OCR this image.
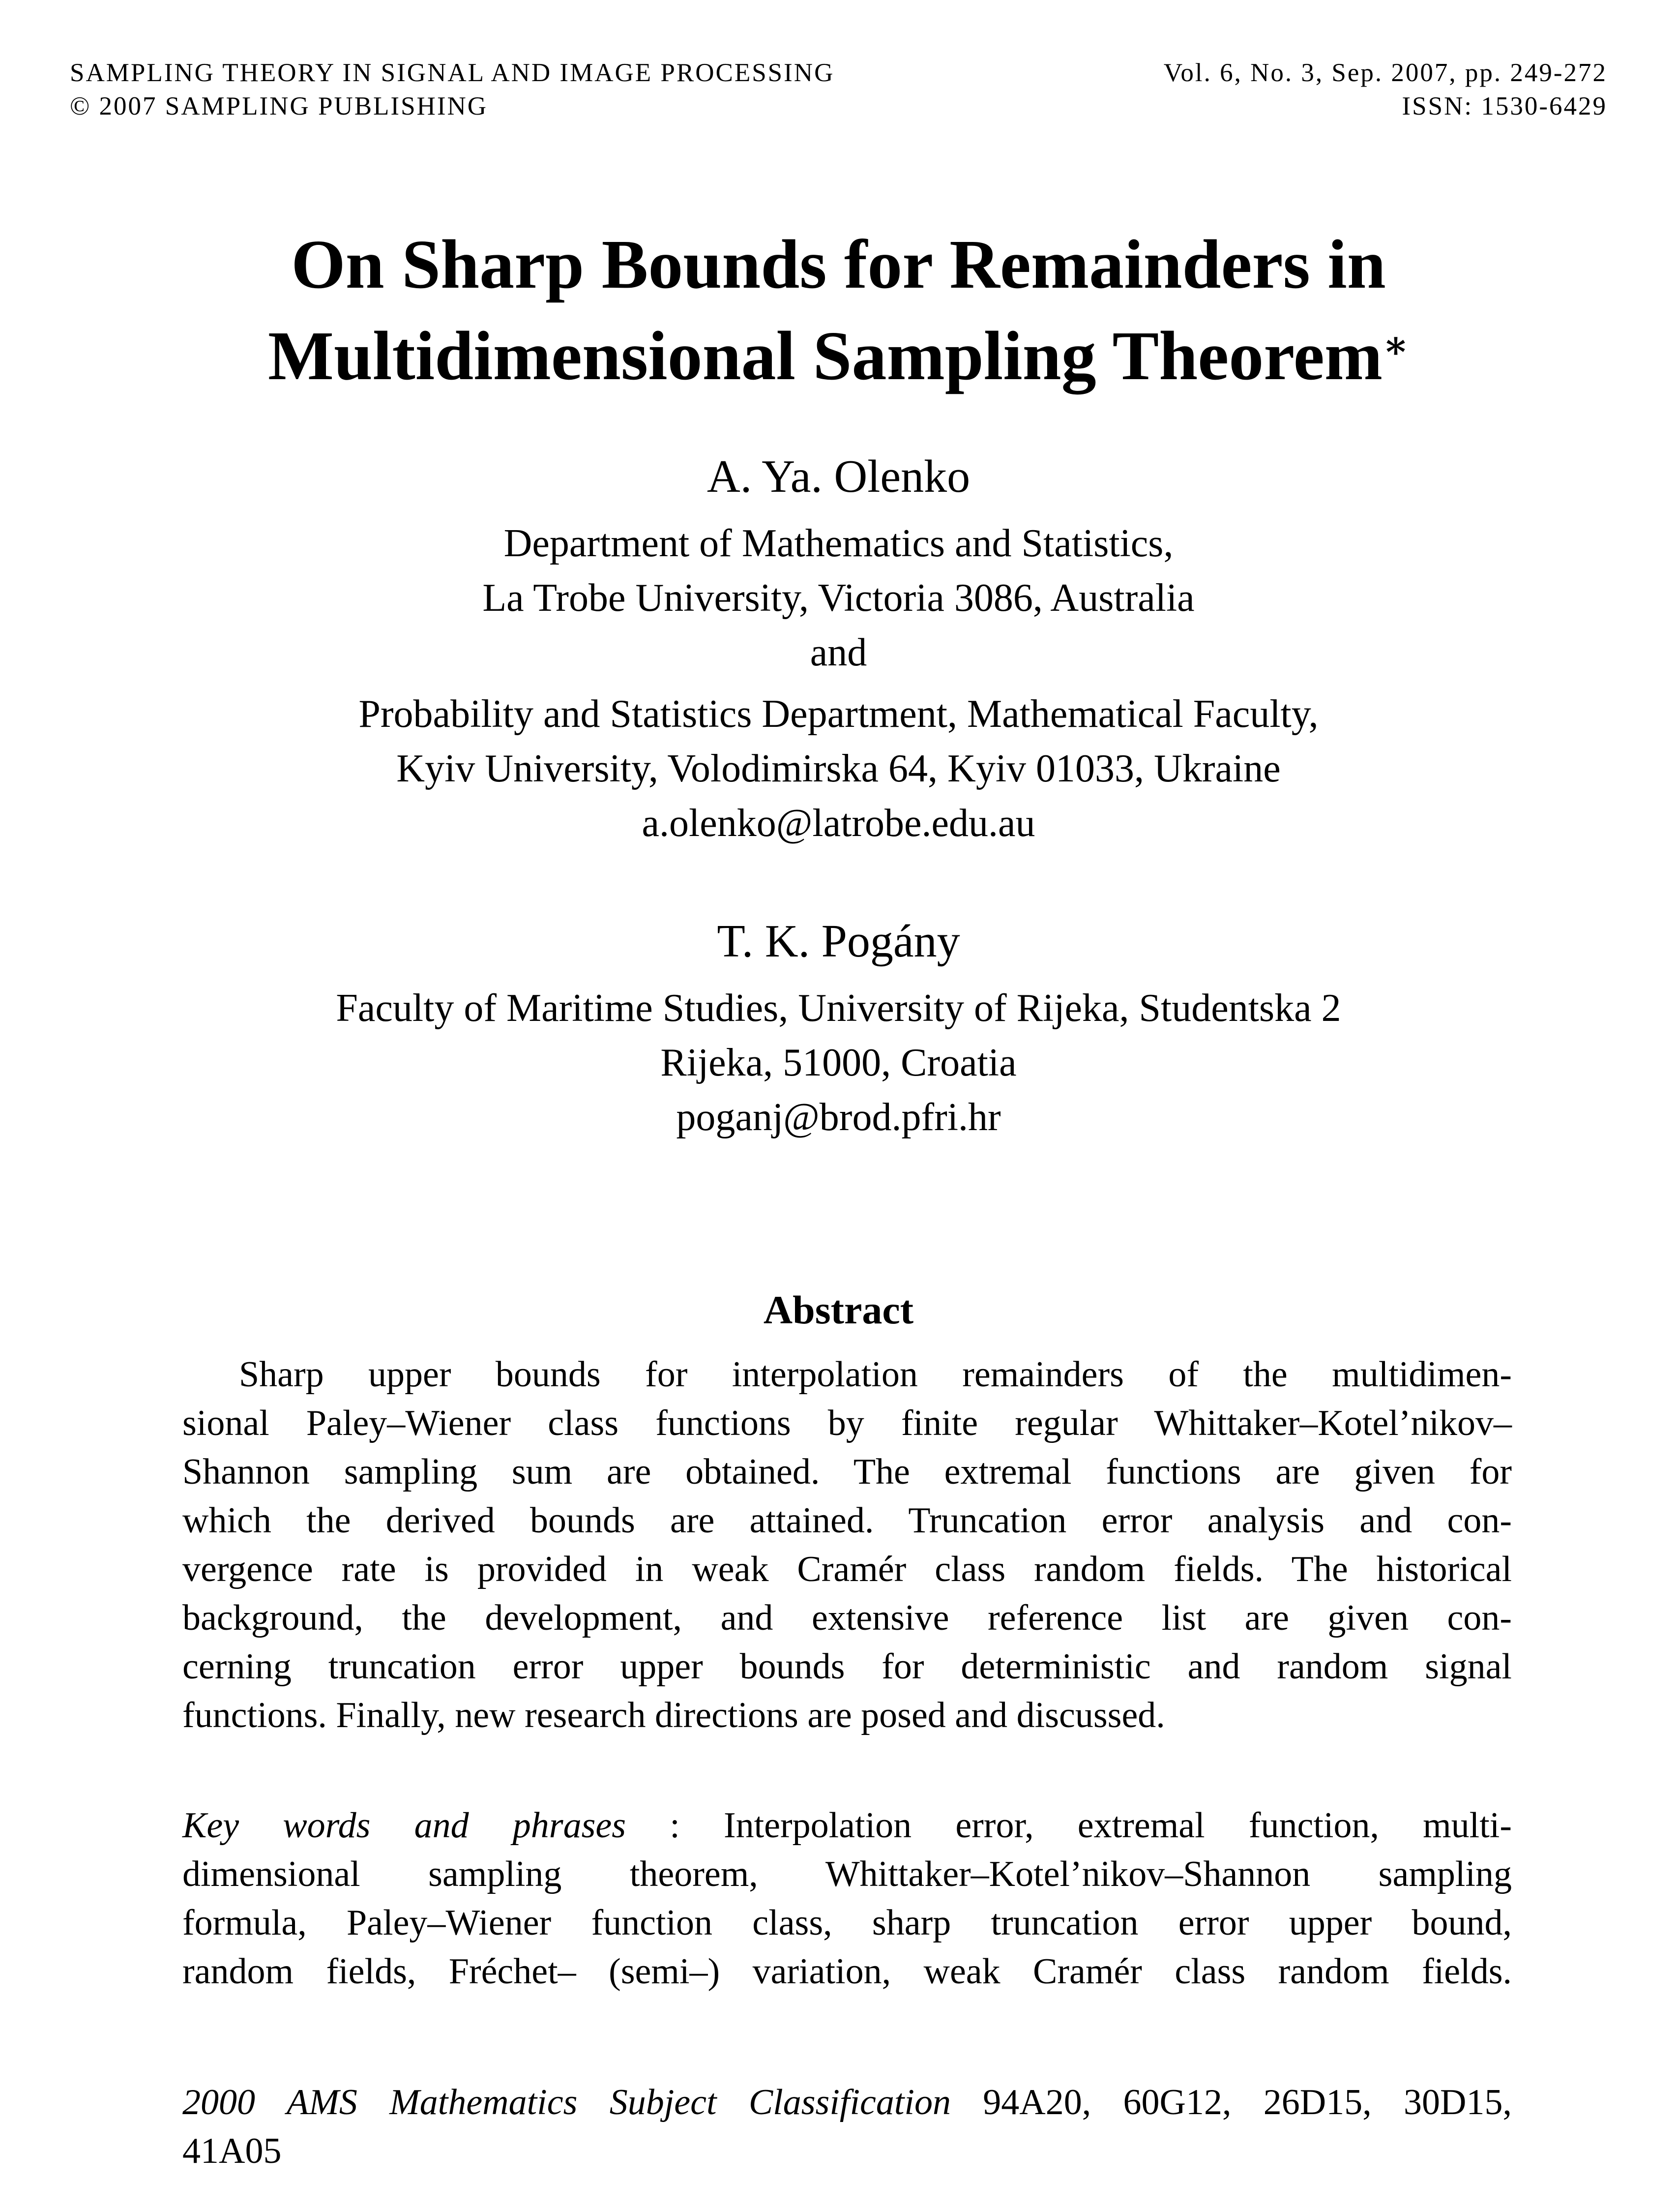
SAMPLING THEORY IN SIGNAL AND IMAGE PROCESSING	Vol. 6, No. 3, Sep. 2007, pp. 249-272
© 2007 SAMPLING PUBLISHING	ISSN: 1530-6429
On Sharp Bounds for Remainders in
Multidimensional Sampling Theorem∗
A. Ya. Olenko
Department of Mathematics and Statistics,
La Trobe University, Victoria 3086, Australia
and
Probability and Statistics Department, Mathematical Faculty,
Kyiv University, Volodimirska 64, Kyiv 01033, Ukraine
a.olenko@latrobe.edu.au
T. K. Pogány
Faculty of Maritime Studies, University of Rijeka, Studentska 2
Rijeka, 51000, Croatia
poganj@brod.pfri.hr
Abstract
Sharp upper bounds for interpolation remainders of the multidimen-
sional Paley–Wiener class functions by finite regular Whittaker–Kotel’nikov–
Shannon sampling sum are obtained. The extremal functions are given for
which the derived bounds are attained. Truncation error analysis and con-
vergence rate is provided in weak Cramér class random fields. The historical
background, the development, and extensive reference list are given con-
cerning truncation error upper bounds for deterministic and random signal
functions. Finally, new research directions are posed and discussed.
Key words and phrases : Interpolation error, extremal function, multi-
dimensional sampling theorem, Whittaker–Kotel’nikov–Shannon sampling
formula, Paley–Wiener function class, sharp truncation error upper bound,
random fields, Fréchet– (semi–) variation, weak Cramér class random fields.
2000 AMS Mathematics Subject Classification 94A20, 60G12, 26D15, 30D15,
41A05
